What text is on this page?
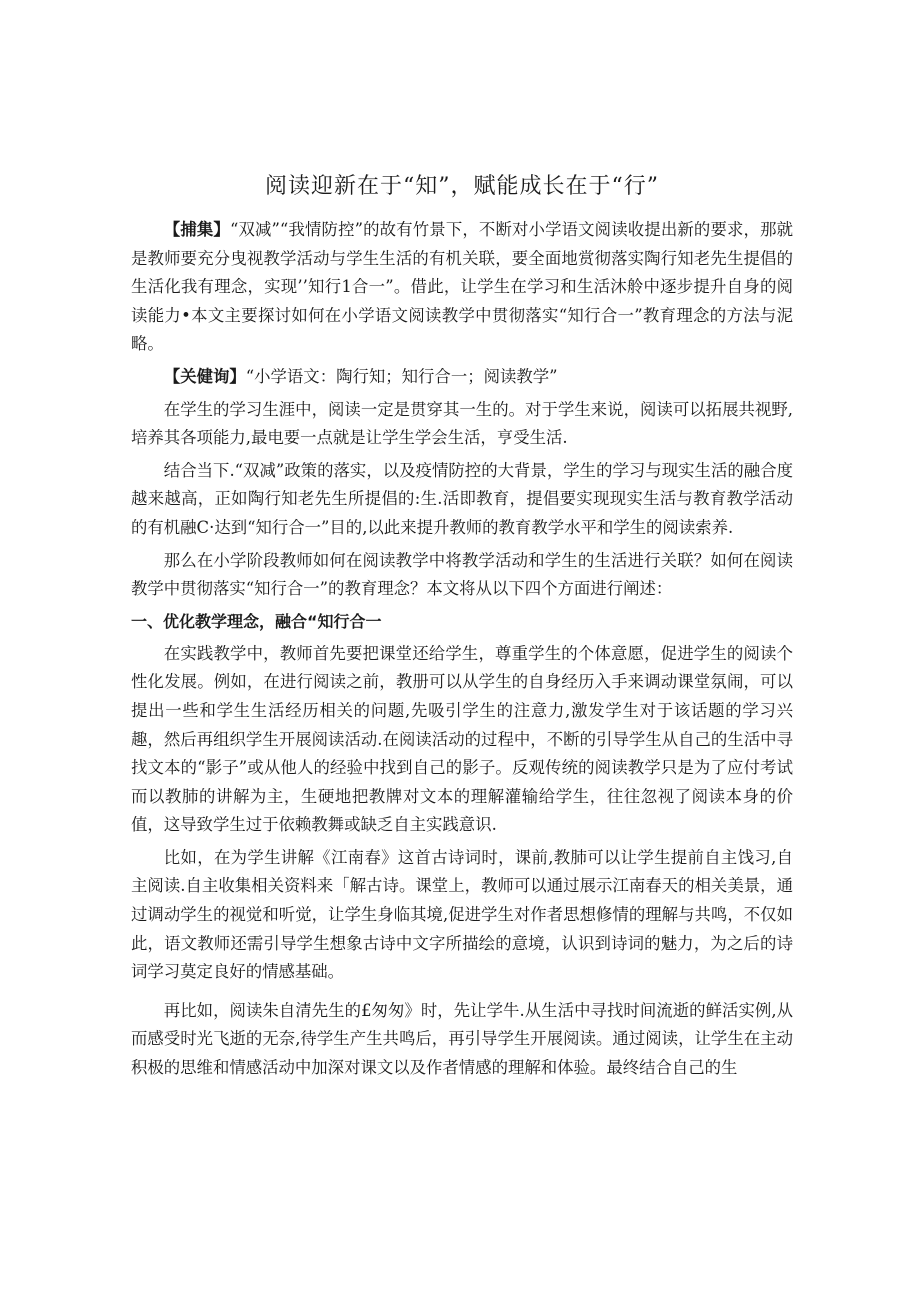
阅读迎新在于“知”，赋能成长在于“行”

【捕集】“双减”“我情防控”的故有竹景下，不断对小学语文阅读收提出新的要求，那就是教师要充分曳视教学活动与学生生活的有机关联，要全面地赏彻落实陶行知老先生提倡的生活化我有理念，实现’’知行1合一”。借此，让学生在学习和生活沐舲中逐步提升自身的阅读能力•本文主要探讨如何在小学语文阅读教学中贯彻落实“知行合一”教育理念的方法与泥略。

【关健询】“小学语文：陶行知；知行合一；阅读教学”

在学生的学习生涯中，阅读一定是贯穿其一生的。对于学生来说，阅读可以拓展共视野,培养其各项能力,最电要一点就是让学生学会生活，亨受生活.

结合当下.“双减”政策的落实，以及疫情防控的大背景，学生的学习与现实生活的融合度越来越高，正如陶行知老先生所提倡的:生.活即教育，提倡要实现现实生活与教育教学活动的有机融C·达到“知行合一”目的,以此来提升教师的教育教学水平和学生的阅读索养.

那么在小学阶段教师如何在阅读教学中将教学活动和学生的生活进行关联？如何在阅读教学中贯彻落实“知行合一”的教育理念？本文将从以下四个方面进行阐述：

一、优化教学理念，融合“知行合一

在实践教学中，教师首先要把课堂还给学生，尊重学生的个体意愿，促进学生的阅读个性化发展。例如，在进行阅读之前，教册可以从学生的自身经历入手来调动课堂氛闹，可以提出一些和学生生活经历相关的问题,先吸引学生的注意力,激发学生对于该话题的学习兴趣，然后再组织学生开展阅读活动.在阅读活动的过程中，不断的引导学生从自己的生活中寻找文本的“影子”或从他人的经验中找到自己的影子。反观传统的阅读教学只是为了应付考试而以教肺的讲解为主，生硬地把教牌对文本的理解灌输给学生，往往忽视了阅读本身的价值，这导致学生过于依赖教舞或缺乏自主实践意识.

比如，在为学生讲解《江南春》这首古诗词时，课前,教肺可以让学生提前自主饯习,自主阅读.自主收集相关资料来「解古诗。课堂上，教师可以通过展示江南春天的相关美景，通过调动学生的视觉和听觉，让学生身临其境,促进学生对作者思想修情的理解与共鸣，不仅如此，语文教师还需引导学生想象古诗中文字所描绘的意境，认识到诗词的魅力，为之后的诗词学习莫定良好的情感基础。

再比如，阅读朱自清先生的£匆匆》时，先让学牛.从生活中寻找时间流逝的鲜活实例,从而感受时光飞逝的无奈,待学生产生共鸣后，再引导学生开展阅读。通过阅读，让学生在主动积极的思维和情感活动中加深对课文以及作者情感的理解和体验。最终结合自己的生
